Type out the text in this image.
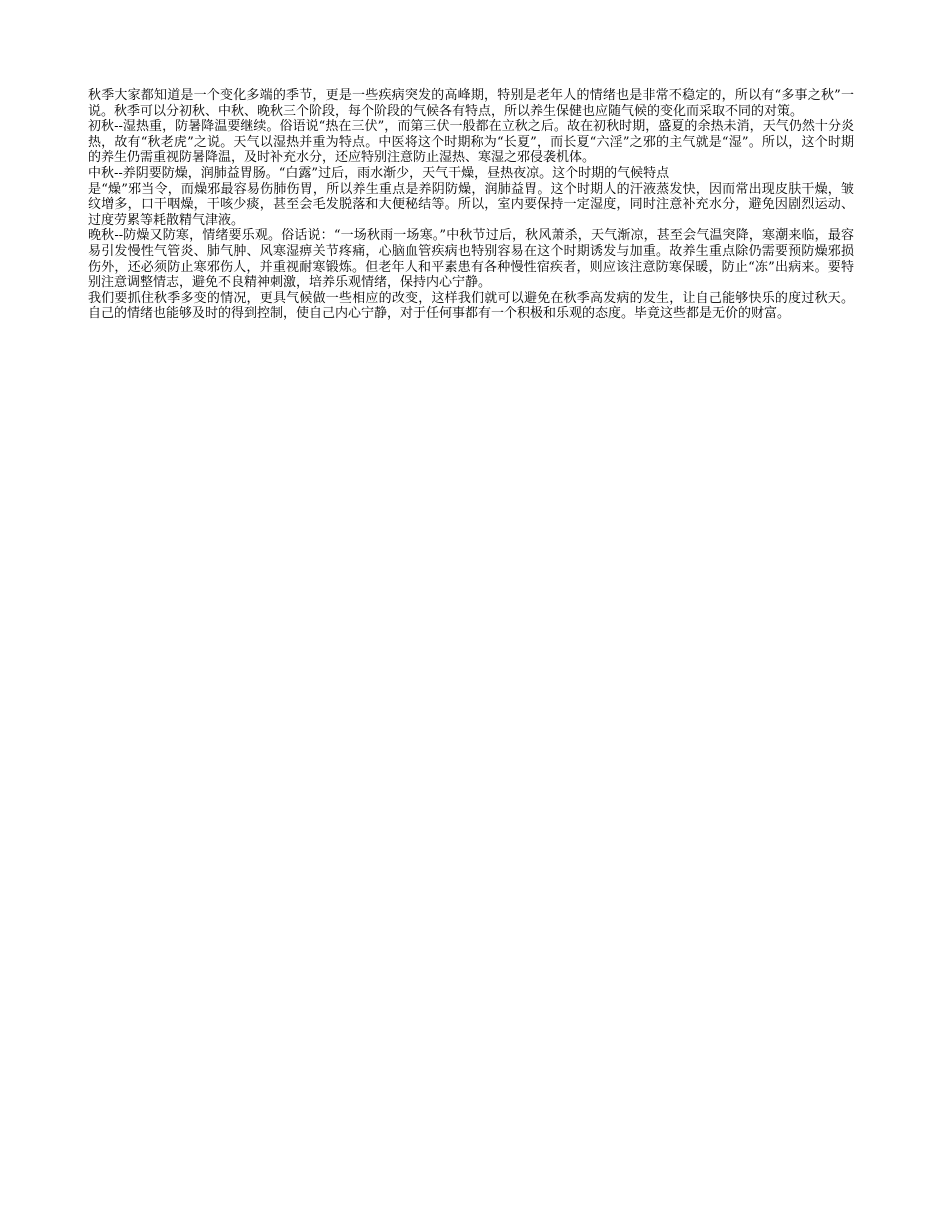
秋季大家都知道是一个变化多端的季节，更是一些疾病突发的高峰期，特别是老年人的情绪也是非常不稳定的，所以有“多事之秋”一说。秋季可以分初秋、中秋、晚秋三个阶段，每个阶段的气候各有特点，所以养生保健也应随气候的变化而采取不同的对策。

初秋--湿热重，防暑降温要继续。俗语说“热在三伏”，而第三伏一般都在立秋之后。故在初秋时期，盛夏的余热未消，天气仍然十分炎热，故有“秋老虎”之说。天气以湿热并重为特点。中医将这个时期称为“长夏”，而长夏“六淫”之邪的主气就是“湿”。所以，这个时期的养生仍需重视防暑降温，及时补充水分，还应特别注意防止湿热、寒湿之邪侵袭机体。

中秋--养阴要防燥，润肺益胃肠。“白露”过后，雨水渐少，天气干燥，昼热夜凉。这个时期的气候特点

是“燥”邪当令，而燥邪最容易伤肺伤胃，所以养生重点是养阴防燥，润肺益胃。这个时期人的汗液蒸发快，因而常出现皮肤干燥，皱纹增多，口干咽燥，干咳少痰，甚至会毛发脱落和大便秘结等。所以，室内要保持一定湿度，同时注意补充水分，避免因剧烈运动、过度劳累等耗散精气津液。

晚秋--防燥又防寒，情绪要乐观。俗话说：“一场秋雨一场寒。”中秋节过后，秋风萧杀，天气渐凉，甚至会气温突降，寒潮来临，最容易引发慢性气管炎、肺气肿、风寒湿痹关节疼痛，心脑血管疾病也特别容易在这个时期诱发与加重。故养生重点除仍需要预防燥邪损伤外，还必须防止寒邪伤人，并重视耐寒锻炼。但老年人和平素患有各种慢性宿疾者，则应该注意防寒保暖，防止“冻”出病来。要特别注意调整情志，避免不良精神刺激，培养乐观情绪，保持内心宁静。

我们要抓住秋季多变的情况，更具气候做一些相应的改变，这样我们就可以避免在秋季高发病的发生，让自己能够快乐的度过秋天。自己的情绪也能够及时的得到控制，使自己内心宁静，对于任何事都有一个积极和乐观的态度。毕竟这些都是无价的财富。
